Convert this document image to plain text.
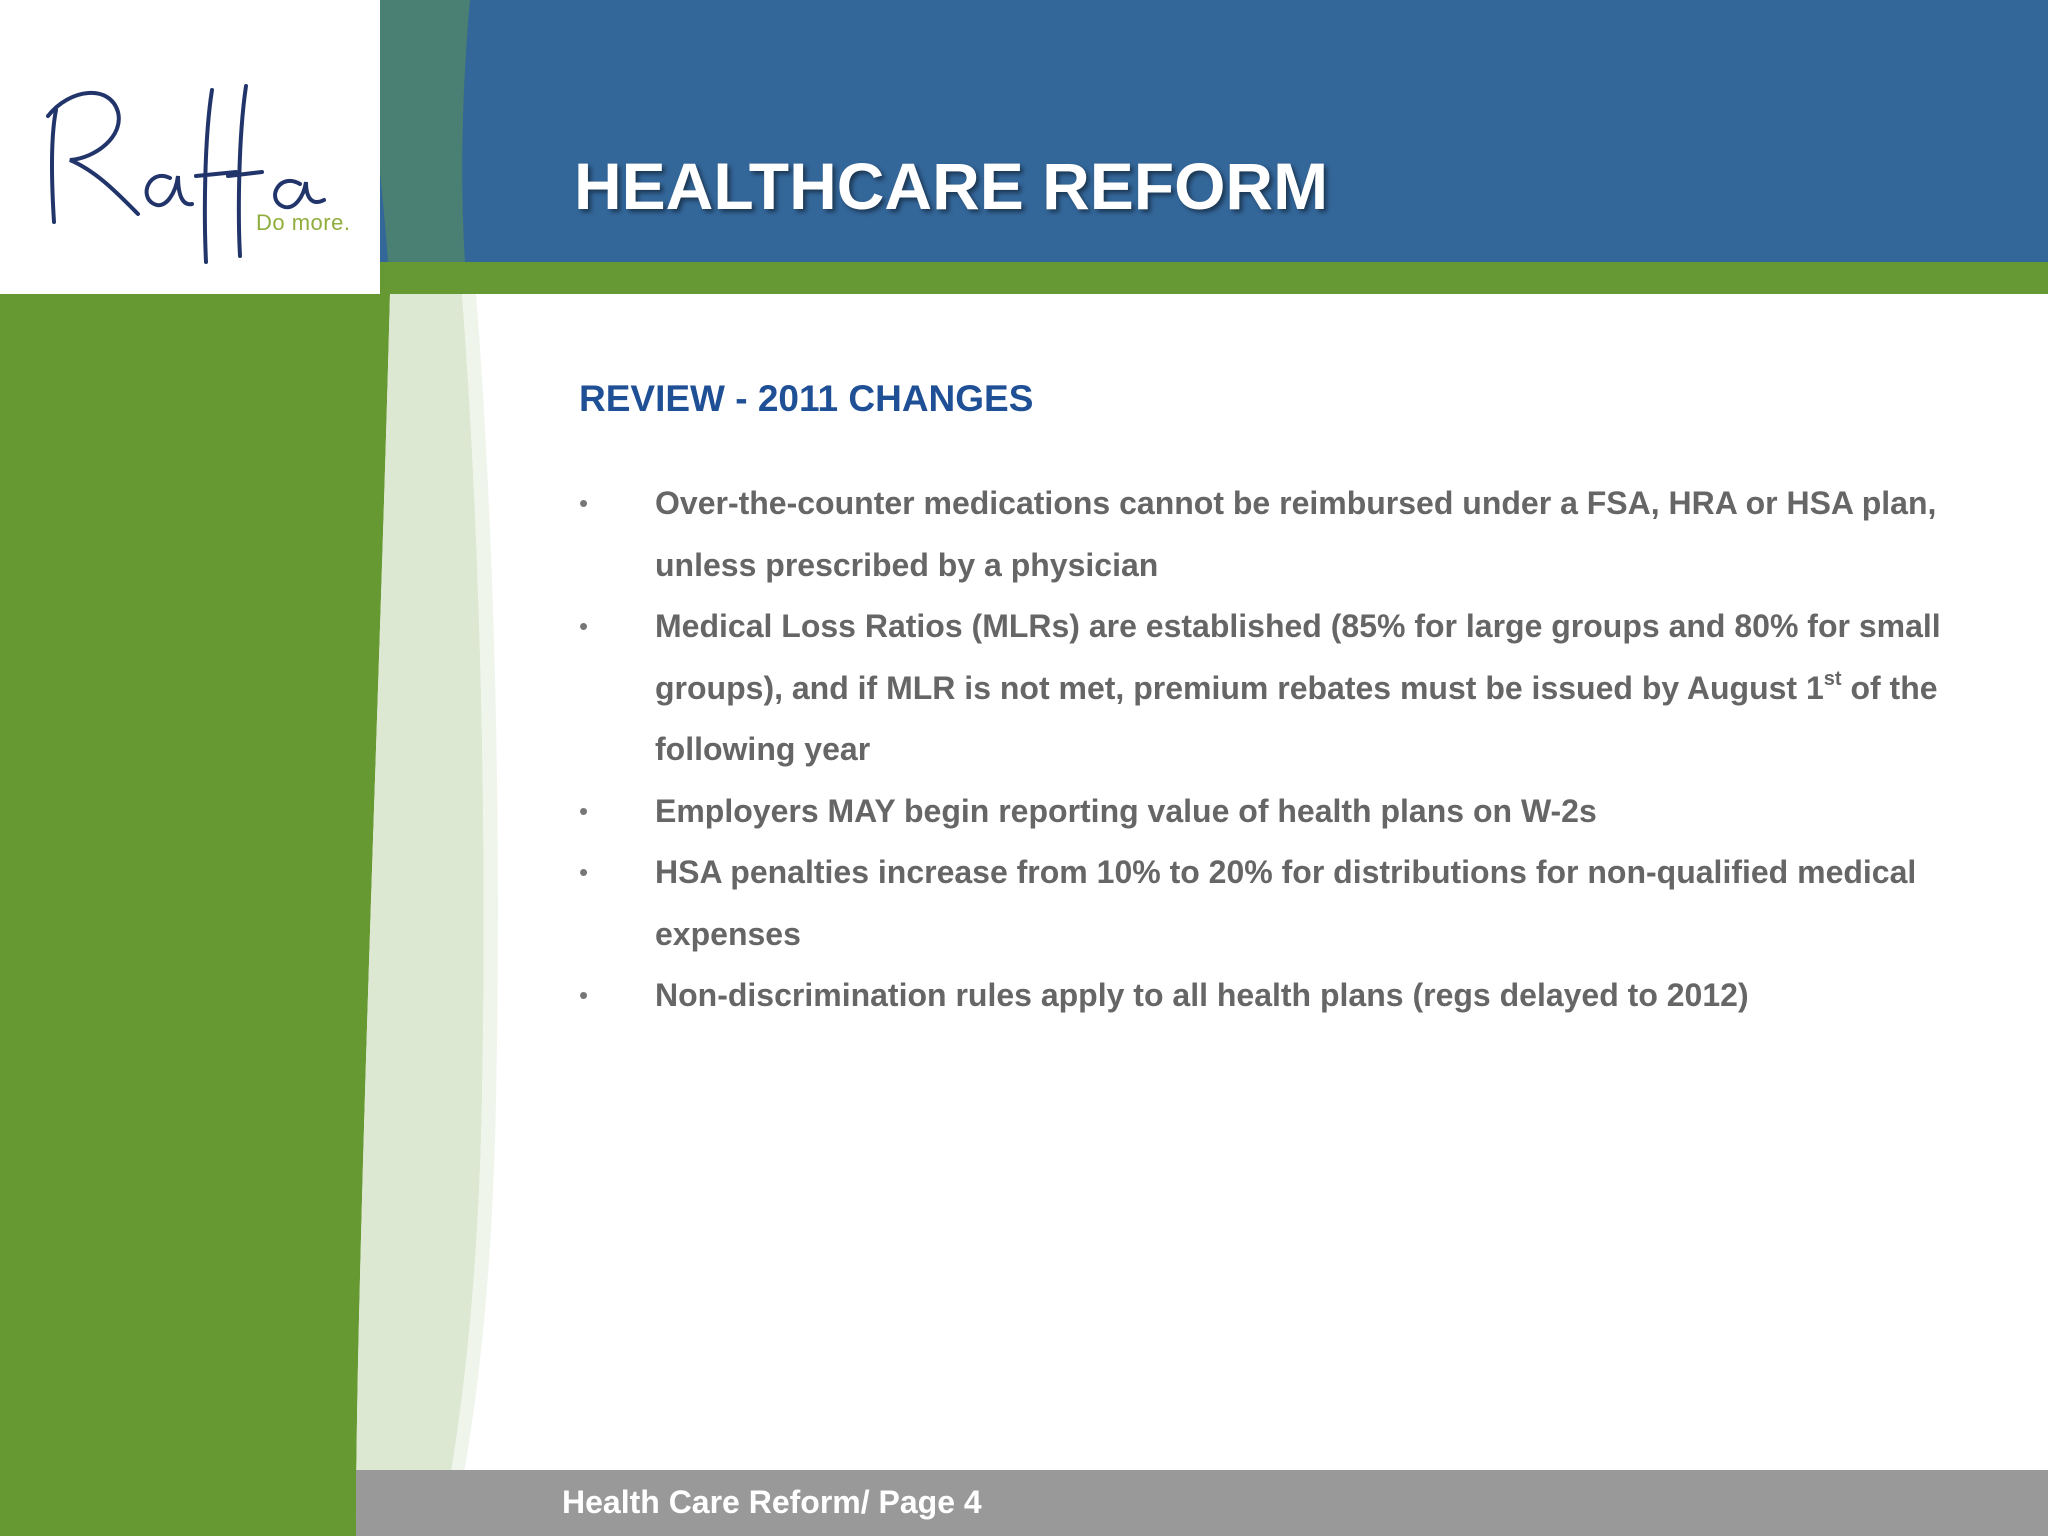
Do more.	HEALTHCARE REFORM
REVIEW - 2011 CHANGES
•	Over-the-counter medications cannot be reimbursed under a FSA, HRA or HSA plan, unless prescribed by a physician
•	Medical Loss Ratios (MLRs) are established (85% for large groups and 80% for small groups), and if MLR is not met, premium rebates must be issued by August 1st of the following year
•	Employers MAY begin reporting value of health plans on W-2s
•	HSA penalties increase from 10% to 20% for distributions for non-qualified medical expenses
•	Non-discrimination rules apply to all health plans (regs delayed to 2012)

Health Care Reform/ Page 4
